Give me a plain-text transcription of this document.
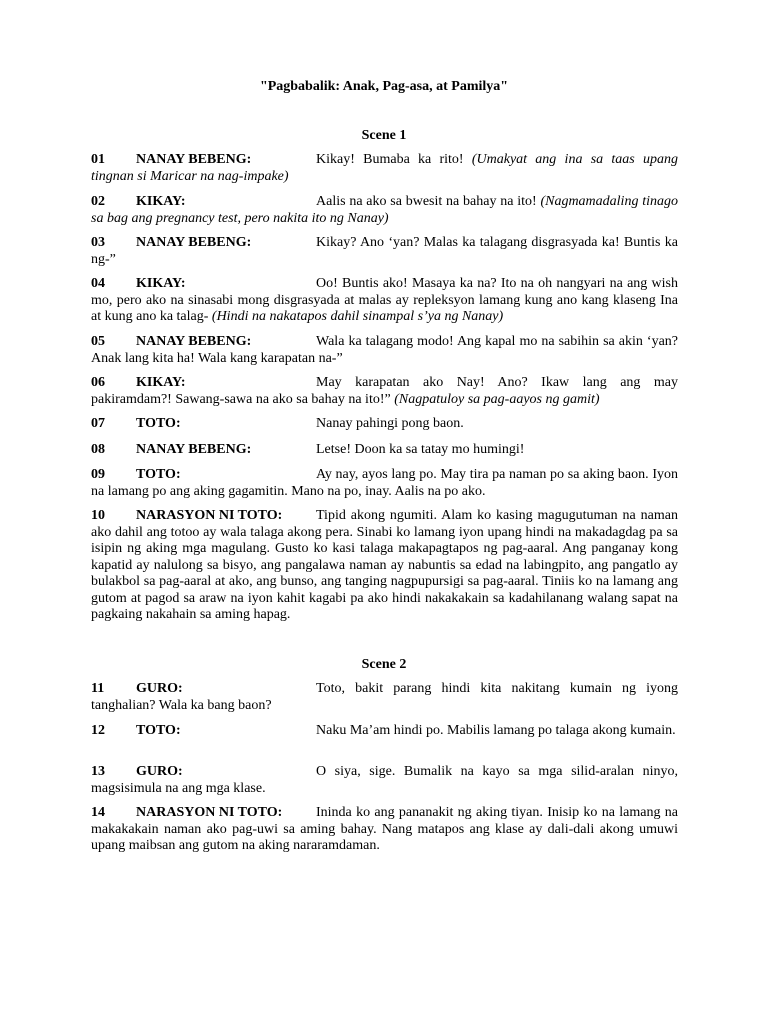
"Pagbabalik: Anak, Pag-asa, at Pamilya"
Scene 1
01 NANAY BEBENG:	Kikay! Bumaba ka rito! (Umakyat ang ina sa taas upang tingnan si Maricar na nag-impake)
02 KIKAY:	Aalis na ako sa bwesit na bahay na ito! (Nagmamadaling tinago sa bag ang pregnancy test, pero nakita ito ng Nanay)
03 NANAY BEBENG:	Kikay? Ano ‘yan? Malas ka talagang disgrasyada ka! Buntis ka ng-”
04 KIKAY:	Oo! Buntis ako! Masaya ka na? Ito na oh nangyari na ang wish mo, pero ako na sinasabi mong disgrasyada at malas ay repleksyon lamang kung ano kang klaseng Ina at kung ano ka talag- (Hindi na nakatapos dahil sinampal s’ya ng Nanay)
05 NANAY BEBENG:	Wala ka talagang modo! Ang kapal mo na sabihin sa akin ‘yan? Anak lang kita ha! Wala kang karapatan na-”
06 KIKAY:	May karapatan ako Nay! Ano? Ikaw lang ang may pakiramdam?! Sawang-sawa na ako sa bahay na ito!” (Nagpatuloy sa pag-aayos ng gamit)
07 TOTO:	Nanay pahingi pong baon.
08 NANAY BEBENG:	Letse! Doon ka sa tatay mo humingi!
09 TOTO:	Ay nay, ayos lang po. May tira pa naman po sa aking baon. Iyon na lamang po ang aking gagamitin. Mano na po, inay. Aalis na po ako.
10 NARASYON NI TOTO: Tipid akong ngumiti. Alam ko kasing magugutuman na naman ako dahil ang totoo ay wala talaga akong pera. Sinabi ko lamang iyon upang hindi na makadagdag pa sa isipin ng aking mga magulang. Gusto ko kasi talaga makapagtapos ng pag-aaral. Ang panganay kong kapatid ay nalulong sa bisyo, ang pangalawa naman ay nabuntis sa edad na labingpito, ang pangatlo ay bulakbol sa pag-aaral at ako, ang bunso, ang tanging nagpupursigi sa pag-aaral. Tiniis ko na lamang ang gutom at pagod sa araw na iyon kahit kagabi pa ako hindi nakakakain sa kadahilanang walang sapat na pagkaing nakahain sa aming hapag.
Scene 2
11 GURO:	Toto, bakit parang hindi kita nakitang kumain ng iyong tanghalian? Wala ka bang baon?
12 TOTO:	Naku Ma’am hindi po. Mabilis lamang po talaga akong kumain.
13 GURO:	O siya, sige. Bumalik na kayo sa mga silid-aralan ninyo, magsisimula na ang mga klase.
14 NARASYON NI TOTO: Ininda ko ang pananakit ng aking tiyan. Inisip ko na lamang na makakakain naman ako pag-uwi sa aming bahay. Nang matapos ang klase ay dali-dali akong umuwi upang maibsan ang gutom na aking nararamdaman.
